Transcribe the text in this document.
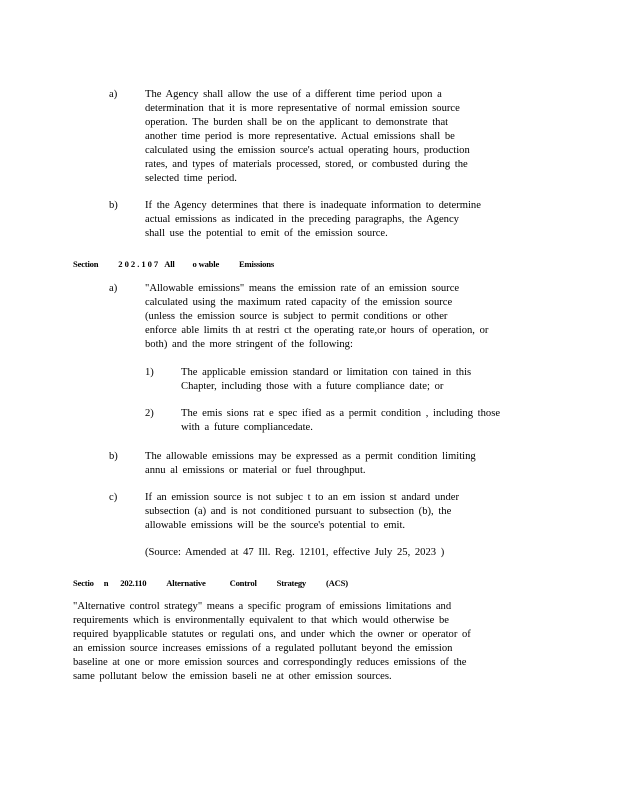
a)	The Agency shall allow the use of a different time period upon a
determination that it is more representative of normal emission source
operation. The burden shall be on the applicant to demonstrate that
another time period is more representative. Actual emissions shall be
calculated using the emission source's actual operating hours, production
rates, and types of materials processed, stored, or combusted during the
selected time period.
b)	If the Agency determines that there is inadequate information to determine
actual emissions as indicated in the preceding paragraphs, the Agency
shall use the potential to emit of the emission source.
Section 202.107 All o wable Emissions
a)	"Allowable emissions" means the emission rate of an emission source
calculated using the maximum rated capacity of the emission source
(unless the emission source is subject to permit conditions or other
enforce able limits th at restri ct the operating rate,or hours of operation, or
both) and the more stringent of the following:
1)	The applicable emission standard or limitation con tained in this
Chapter, including those with a future compliance date; or
2)	The emis sions rat e spec ified as a permit condition , including those
with a future compliancedate.
b)	The allowable emissions may be expressed as a permit condition limiting
annu al emissions or material or fuel throughput.
c)	If an emission source is not subjec t to an em ission st andard under
subsection (a) and is not conditioned pursuant to subsection (b), the
allowable emissions will be the source's potential to emit.
(Source: Amended at 47 Ill. Reg. 12101, effective July 25, 2023 )
Sectio n 202.110 Alternative	Control Strategy (ACS)
"Alternative control strategy" means a specific program of emissions limitations and
requirements which is environmentally equivalent to that which would otherwise be
required byapplicable statutes or regulati ons, and under which the owner or operator of
an emission source increases emissions of a regulated pollutant beyond the emission
baseline at one or more emission sources and correspondingly reduces emissions of the
same pollutant below the emission baseli ne at other emission sources.
